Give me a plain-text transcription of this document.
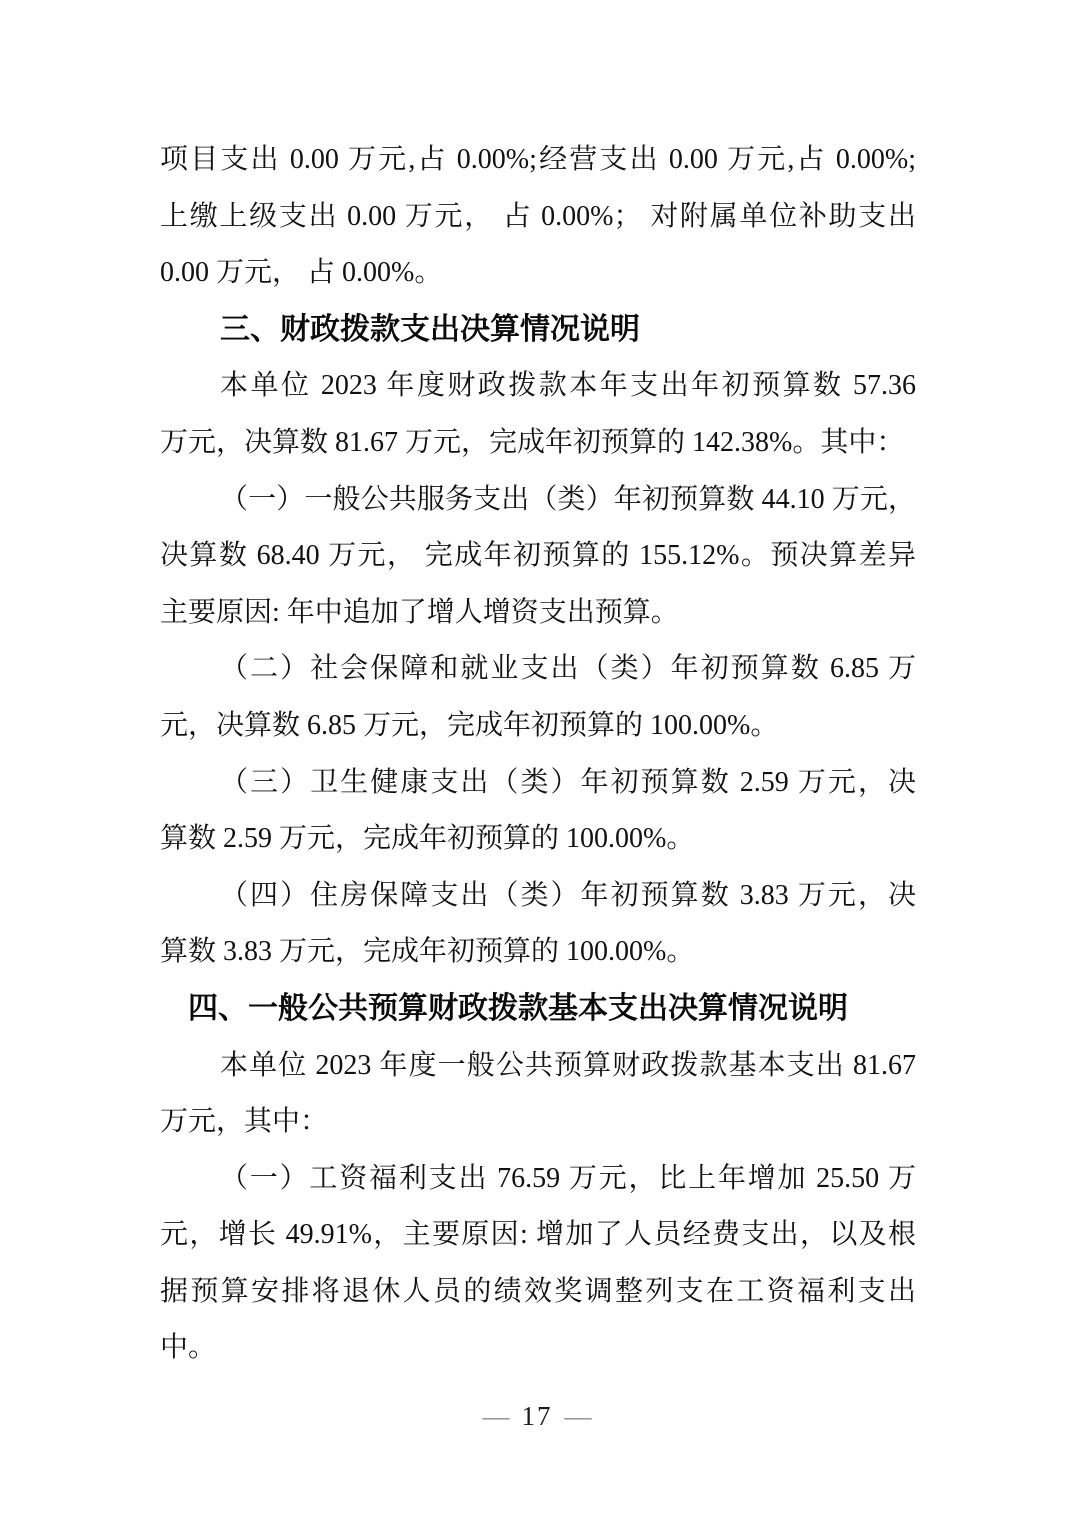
项目支出 0.00 万元,占 0.00%;经营支出 0.00 万元,占 0.00%;
上缴上级支出 0.00 万元， 占 0.00%； 对附属单位补助支出
0.00 万元， 占 0.00%。
三、财政拨款支出决算情况说明
本单位 2023 年度财政拨款本年支出年初预算数 57.36
万元，决算数 81.67 万元，完成年初预算的 142.38%。其中：
（一）一般公共服务支出（类）年初预算数 44.10 万元，
决算数 68.40 万元， 完成年初预算的 155.12%。预决算差异
主要原因: 年中追加了增人增资支出预算。
（二）社会保障和就业支出（类）年初预算数 6.85 万
元，决算数 6.85 万元，完成年初预算的 100.00%。
（三）卫生健康支出（类）年初预算数 2.59 万元，决
算数 2.59 万元，完成年初预算的 100.00%。
（四）住房保障支出（类）年初预算数 3.83 万元，决
算数 3.83 万元，完成年初预算的 100.00%。
四、一般公共预算财政拨款基本支出决算情况说明
本单位 2023 年度一般公共预算财政拨款基本支出 81.67
万元，其中：
（一）工资福利支出 76.59 万元，比上年增加 25.50 万
元，增长 49.91%，主要原因: 增加了人员经费支出，以及根
据预算安排将退休人员的绩效奖调整列支在工资福利支出
中。
— 17 —
